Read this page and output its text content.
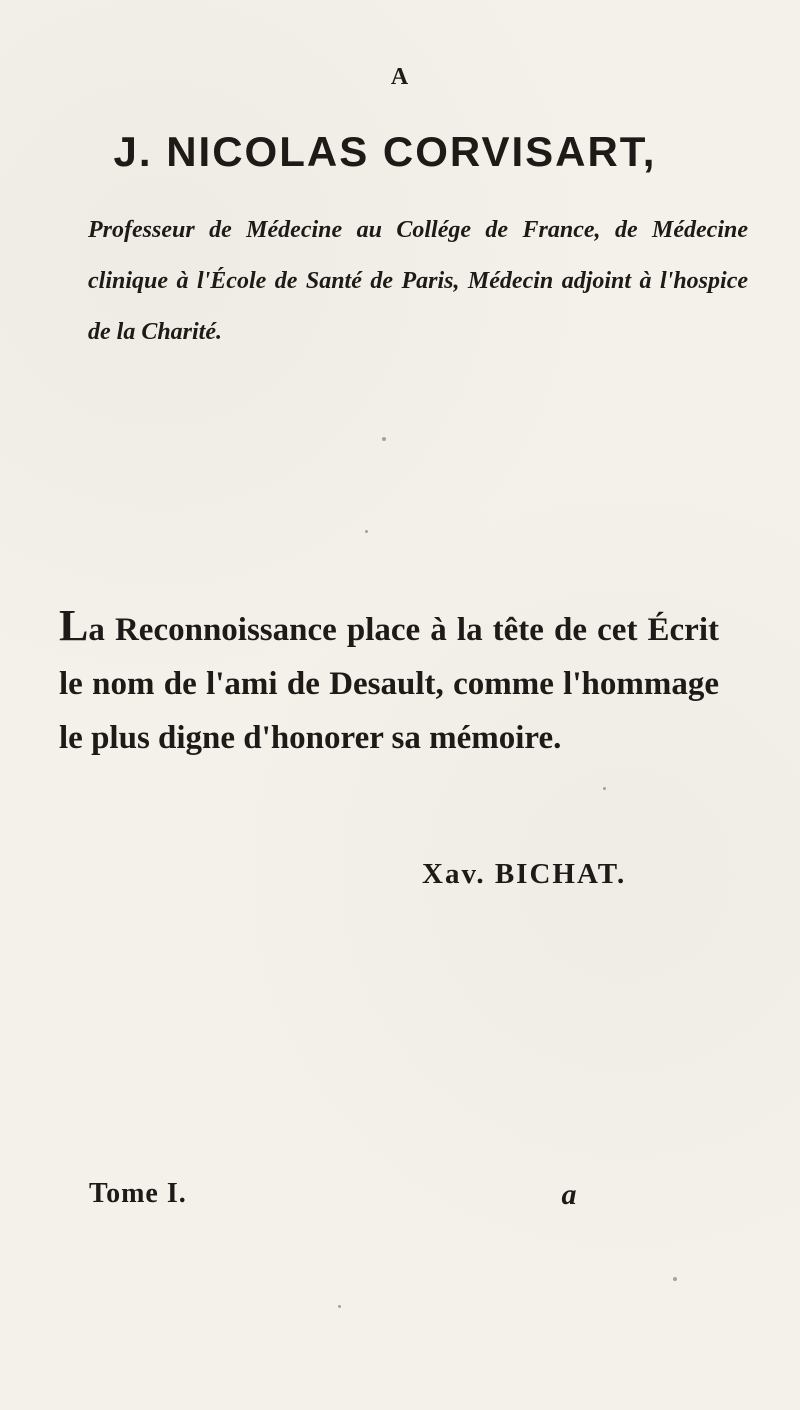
A
J. NICOLAS CORVISART,
Professeur de Médecine au Collége de France, de Médecine clinique à l'École de Santé de Paris, Médecin adjoint à l'hospice de la Charité.
La Reconnoissance place à la tête de cet Écrit le nom de l'ami de Desault, comme l'hommage le plus digne d'honorer sa mémoire.
Xav. BICHAT.
Tome I.	a
